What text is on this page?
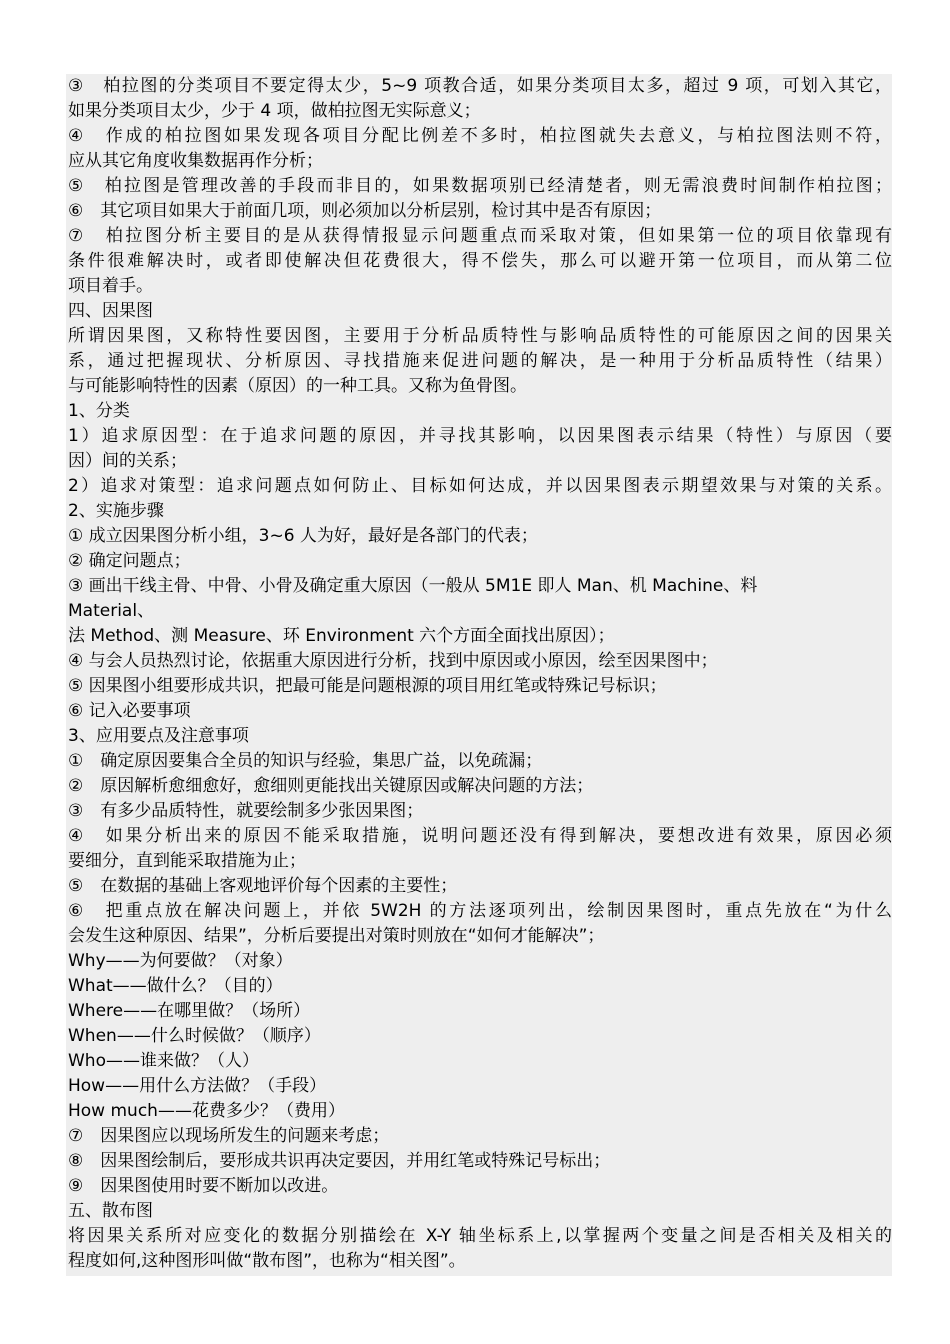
③　柏拉图的分类项目不要定得太少，5~9 项教合适，如果分类项目太多，超过 9 项，可划入其它，
如果分类项目太少，少于 4 项，做柏拉图无实际意义；
④　作成的柏拉图如果发现各项目分配比例差不多时，柏拉图就失去意义，与柏拉图法则不符，
应从其它角度收集数据再作分析；
⑤　柏拉图是管理改善的手段而非目的，如果数据项别已经清楚者，则无需浪费时间制作柏拉图；
⑥　其它项目如果大于前面几项，则必须加以分析层别，检讨其中是否有原因；
⑦　柏拉图分析主要目的是从获得情报显示问题重点而采取对策，但如果第一位的项目依靠现有
条件很难解决时，或者即使解决但花费很大，得不偿失，那么可以避开第一位项目，而从第二位
项目着手。
四、因果图
所谓因果图，又称特性要因图，主要用于分析品质特性与影响品质特性的可能原因之间的因果关
系，通过把握现状、分析原因、寻找措施来促进问题的解决，是一种用于分析品质特性（结果）
与可能影响特性的因素（原因）的一种工具。又称为鱼骨图。
1、分类
1）追求原因型：在于追求问题的原因，并寻找其影响，以因果图表示结果（特性）与原因（要
因）间的关系；
2）追求对策型：追求问题点如何防止、目标如何达成，并以因果图表示期望效果与对策的关系。
2、实施步骤
① 成立因果图分析小组，3~6 人为好，最好是各部门的代表；
② 确定问题点；
③ 画出干线主骨、中骨、小骨及确定重大原因（一般从 5M1E 即人 Man、机 Machine、料
Material、
法 Method、测 Measure、环 Environment 六个方面全面找出原因）；
④ 与会人员热烈讨论，依据重大原因进行分析，找到中原因或小原因，绘至因果图中；
⑤ 因果图小组要形成共识，把最可能是问题根源的项目用红笔或特殊记号标识；
⑥ 记入必要事项
3、应用要点及注意事项
①　确定原因要集合全员的知识与经验，集思广益，以免疏漏；
②　原因解析愈细愈好，愈细则更能找出关键原因或解决问题的方法；
③　有多少品质特性，就要绘制多少张因果图；
④　如果分析出来的原因不能采取措施，说明问题还没有得到解决，要想改进有效果，原因必须
要细分，直到能采取措施为止；
⑤　在数据的基础上客观地评价每个因素的主要性；
⑥　把重点放在解决问题上，并依 5W2H 的方法逐项列出，绘制因果图时，重点先放在“为什么
会发生这种原因、结果”，分析后要提出对策时则放在“如何才能解决”；
Why——为何要做？（对象）
What——做什么？（目的）
Where——在哪里做？（场所）
When——什么时候做？（顺序）
Who——谁来做？（人）
How——用什么方法做？（手段）
How much——花费多少？（费用）
⑦　因果图应以现场所发生的问题来考虑；
⑧　因果图绘制后，要形成共识再决定要因，并用红笔或特殊记号标出；
⑨　因果图使用时要不断加以改进。
五、散布图
将因果关系所对应变化的数据分别描绘在 X-Y 轴坐标系上,以掌握两个变量之间是否相关及相关的
程度如何,这种图形叫做“散布图”，也称为“相关图”。
